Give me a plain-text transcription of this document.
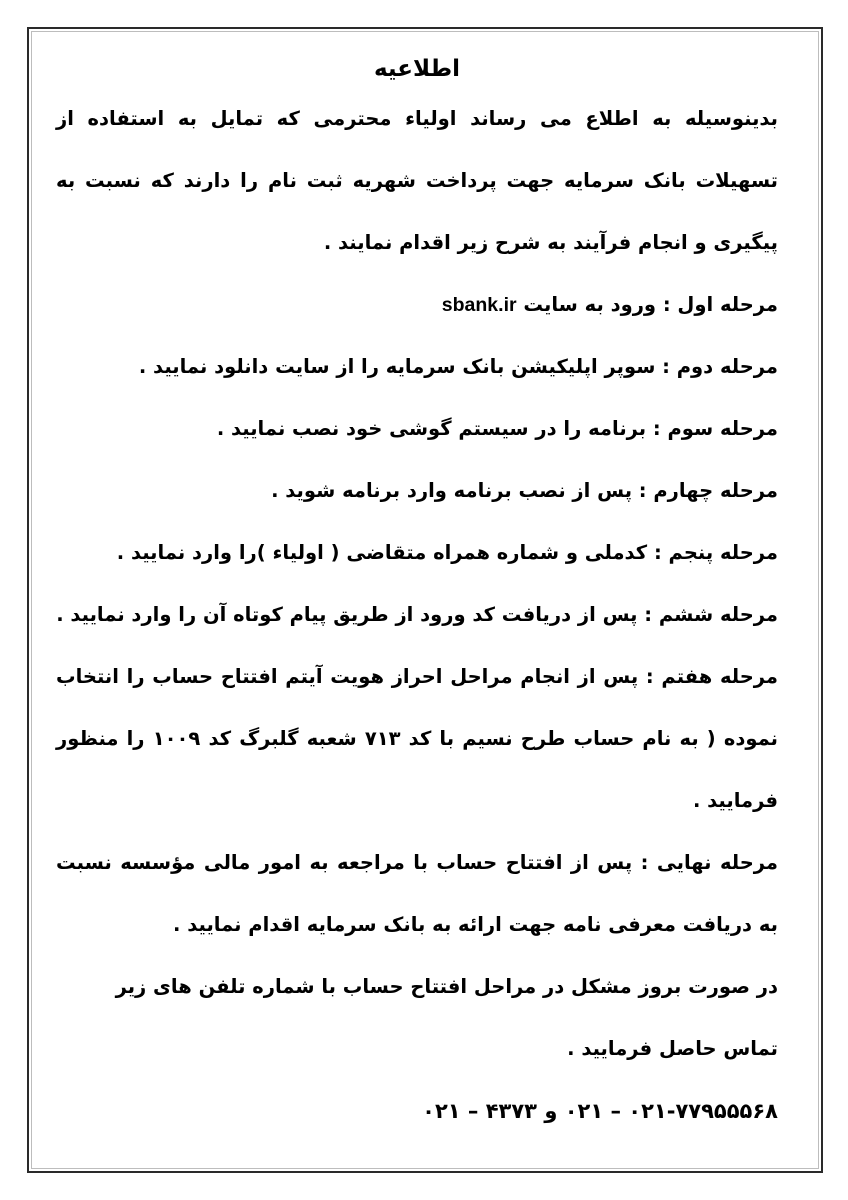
اطلاعیه

بدینوسیله به اطلاع می رساند اولیاء محترمی که تمایل به استفاده از تسهیلات بانک سرمایه جهت پرداخت شهریه ثبت نام را دارند که نسبت به پیگیری و انجام فرآیند به شرح زیر اقدام نمایند .

مرحله اول : ورود به سایت sbank.ir

مرحله دوم : سوپر اپلیکیشن بانک سرمایه را از سایت دانلود نمایید .

مرحله سوم : برنامه را در سیستم گوشی خود نصب نمایید .

مرحله چهارم : پس از نصب برنامه وارد برنامه شوید .

مرحله پنجم : کدملی و شماره همراه متقاضی ( اولیاء )را وارد نمایید .

مرحله ششم : پس از دریافت کد ورود از طریق پیام کوتاه آن را وارد نمایید .

مرحله هفتم : پس از انجام مراحل احراز هویت آیتم افتتاح حساب را انتخاب نموده ( به نام حساب طرح نسیم با کد ۷۱۳ شعبه گلبرگ کد ۱۰۰۹ را منظور فرمایید .

مرحله نهایی : پس از افتتاح حساب با مراجعه به امور مالی مؤسسه نسبت به دریافت معرفی نامه جهت ارائه به بانک سرمایه اقدام نمایید .

در صورت بروز مشکل در مراحل افتتاح حساب با شماره تلفن های زیر تماس حاصل فرمایید .

۰۲۱-۷۷۹۵۵۵۶۸ – ۰۲۱ و ۴۳۷۳ – ۰۲۱
